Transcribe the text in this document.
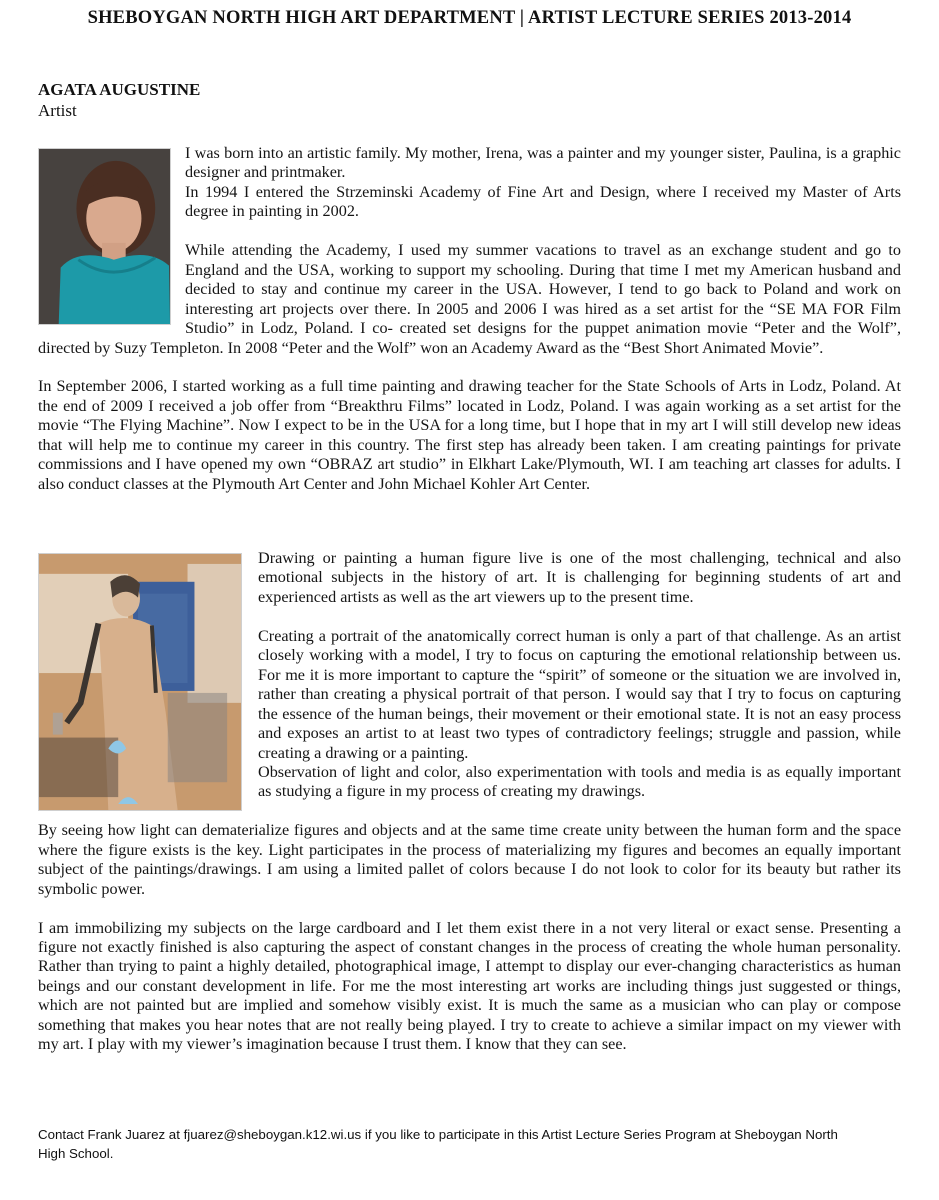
SHEBOYGAN NORTH HIGH ART DEPARTMENT | ARTIST LECTURE SERIES 2013-2014
AGATA AUGUSTINE
Artist

I was born into an artistic family. My mother, Irena, was a painter and my younger sister, Paulina, is a graphic designer and printmaker.

In 1994 I entered the Strzeminski Academy of Fine Art and Design, where I received my Master of Arts degree in painting in 2002.

While attending the Academy, I used my summer vacations to travel as an exchange student and go to England and the USA, working to support my schooling. During that time I met my American husband and decided to stay and continue my career in the USA. However, I tend to go back to Poland and work on interesting art projects over there. In 2005 and 2006 I was hired as a set artist for the “SE MA FOR Film Studio” in Lodz, Poland. I co- created set designs for the puppet animation movie “Peter and the Wolf”, directed by Suzy Templeton. In 2008 “Peter and the Wolf” won an Academy Award as the “Best Short Animated Movie”.

In September 2006, I started working as a full time painting and drawing teacher for the State Schools of Arts in Lodz, Poland. At the end of 2009 I received a job offer from “Breakthru Films” located in Lodz, Poland. I was again working as a set artist for the movie “The Flying Machine”. Now I expect to be in the USA for a long time, but I hope that in my art I will still develop new ideas that will help me to continue my career in this country. The first step has already been taken. I am creating paintings for private commissions and I have opened my own “OBRAZ art studio” in Elkhart Lake/Plymouth, WI. I am teaching art classes for adults. I also conduct classes at the Plymouth Art Center and John Michael Kohler Art Center.

Drawing or painting a human figure live is one of the most challenging, technical and also emotional subjects in the history of art. It is challenging for beginning students of art and experienced artists as well as the art viewers up to the present time.

Creating a portrait of the anatomically correct human is only a part of that challenge. As an artist closely working with a model, I try to focus on capturing the emotional relationship between us. For me it is more important to capture the “spirit” of someone or the situation we are involved in, rather than creating a physical portrait of that person. I would say that I try to focus on capturing the essence of the human beings, their movement or their emotional state. It is not an easy process and exposes an artist to at least two types of contradictory feelings; struggle and passion, while creating a drawing or a painting.

Observation of light and color, also experimentation with tools and media is as equally important as studying a figure in my process of creating my drawings.

By seeing how light can dematerialize figures and objects and at the same time create unity between the human form and the space where the figure exists is the key. Light participates in the process of materializing my figures and becomes an equally important subject of the paintings/drawings. I am using a limited pallet of colors because I do not look to color for its beauty but rather its symbolic power.

I am immobilizing my subjects on the large cardboard and I let them exist there in a not very literal or exact sense. Presenting a figure not exactly finished is also capturing the aspect of constant changes in the process of creating the whole human personality. Rather than trying to paint a highly detailed, photographical image, I attempt to display our ever-changing characteristics as human beings and our constant development in life. For me the most interesting art works are including things just suggested or things, which are not painted but are implied and somehow visibly exist. It is much the same as a musician who can play or compose something that makes you hear notes that are not really being played. I try to create to achieve a similar impact on my viewer with my art. I play with my viewer’s imagination because I trust them. I know that they can see.

Contact Frank Juarez at fjuarez@sheboygan.k12.wi.us if you like to participate in this Artist Lecture Series Program at Sheboygan North High School.
